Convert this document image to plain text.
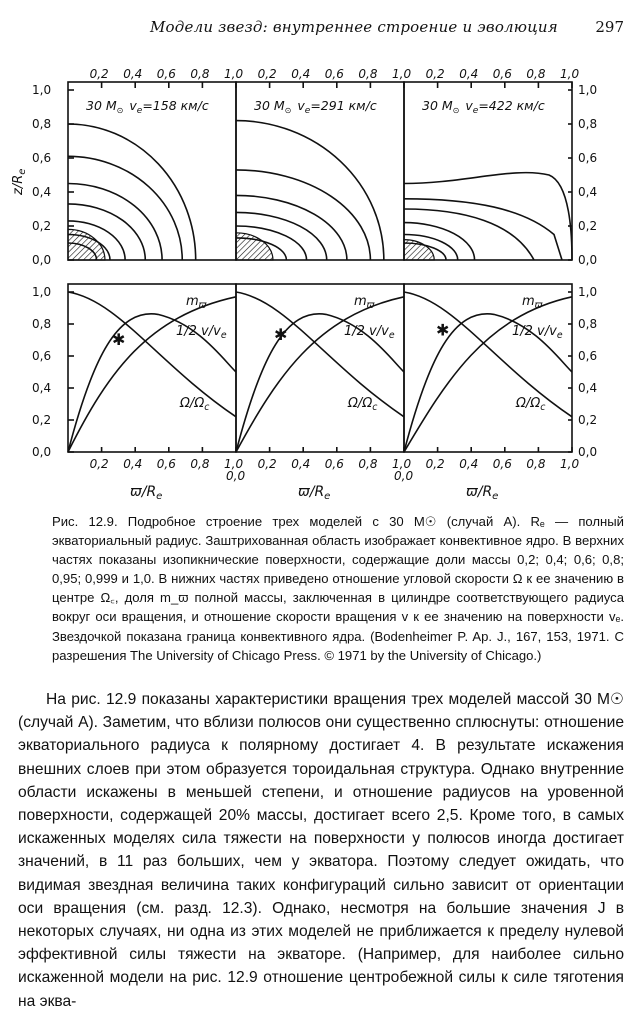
Модели звезд: внутреннее строение и эволюция 297
0,2 0,4 0,6 0,8 1,0 0,2 0,4 0,6 0,8 1,0 0,2 0,4 0,6 0,8 1,0
1,0	1,0
1,0	1,0
0,8	0,8
0,8	0,8
0,6	0,6
0,6	0,6
0,4	0,4
0,4	0,4
0,2	0,2
0,2	0,2
0,0	0,0
0,0	0,0
$z/R_e$
30 $M_⊙$ $v_e=158$ км/с	30 $M_⊙$ $v_e=291$ км/с	30 $M_⊙$ $v_e=422$ км/с
✱
$m_ϖ$
1/2 $v/v_e$
$\Omega/\Omega_c$
0,2 0,4 0,6 0,8 1,0
$ϖ/R_e$
✱
$m_ϖ$
1/2 $v/v_e$
$\Omega/\Omega_c$
0,2 0,4 0,6 0,8 1,0
0,0
$ϖ/R_e$
✱
$m_ϖ$
1/2 $v/v_e$
$\Omega/\Omega_c$
0,2 0,4 0,6 0,8 1,0
0,0
$ϖ/R_e$

Рис. 12.9. Подробное строение трех моделей с 30 M☉ (случай A). Rₑ — полный экваториальный радиус. Заштрихованная область изображает конвективное ядро. В верхних частях показаны изопикнические поверхности, содержащие доли массы 0,2; 0,4; 0,6; 0,8; 0,95; 0,999 и 1,0. В нижних частях приведено отношение угловой скорости Ω к ее значению в центре Ω꜀, доля m_ϖ полной массы, заключенная в цилиндре соответствующего радиуса вокруг оси вращения, и отношение скорости вращения v к ее значению на поверхности vₑ. Звездочкой показана граница конвективного ядра. (Bodenheimer P. Ap. J., 167, 153, 1971. С разрешения The University of Chicago Press. © 1971 by the University of Chicago.)

На рис. 12.9 показаны характеристики вращения трех моделей массой 30 M☉ (случай A). Заметим, что вблизи полюсов они существенно сплюснуты: отношение экваториального радиуса к полярному достигает 4. В результате искажения внешних слоев при этом образуется тороидальная структура. Однако внутренние области искажены в меньшей степени, и отношение радиусов на уровенной поверхности, содержащей 20% массы, достигает всего 2,5. Кроме того, в самых искаженных моделях сила тяжести на поверхности у полюсов иногда достигает значений, в 11 раз больших, чем у экватора. Поэтому следует ожидать, что видимая звездная величина таких конфигураций сильно зависит от ориентации оси вращения (см. разд. 12.3). Однако, несмотря на большие значения J в некоторых случаях, ни одна из этих моделей не приближается к пределу нулевой эффективной силы тяжести на экваторе. (Например, для наиболее сильно искаженной модели на рис. 12.9 отношение центробежной силы к силе тяготения на эква-
